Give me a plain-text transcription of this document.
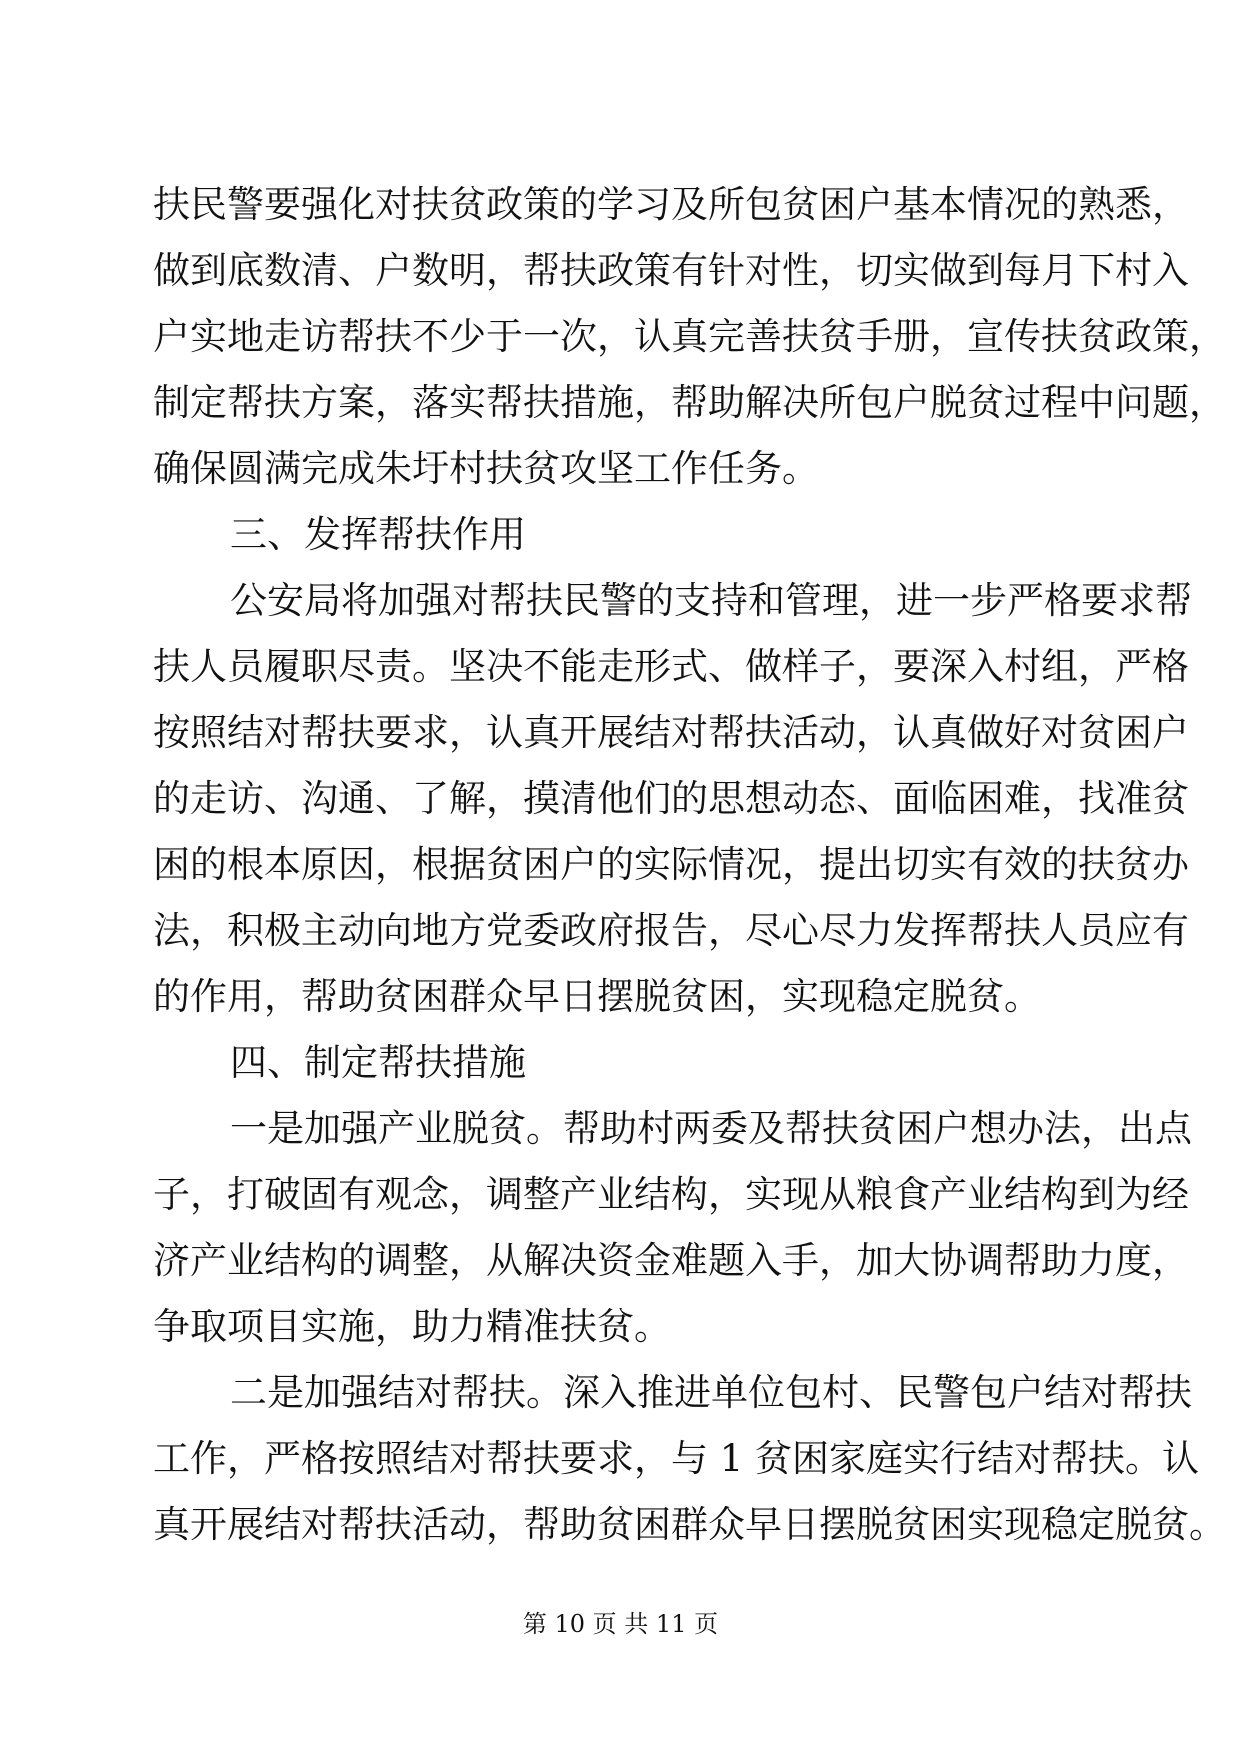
扶民警要强化对扶贫政策的学习及所包贫困户基本情况的熟悉，
做到底数清、户数明，帮扶政策有针对性，切实做到每月下村入
户实地走访帮扶不少于一次，认真完善扶贫手册，宣传扶贫政策，
制定帮扶方案，落实帮扶措施，帮助解决所包户脱贫过程中问题，
确保圆满完成朱圩村扶贫攻坚工作任务。
三、发挥帮扶作用
公安局将加强对帮扶民警的支持和管理，进一步严格要求帮
扶人员履职尽责。坚决不能走形式、做样子，要深入村组，严格
按照结对帮扶要求，认真开展结对帮扶活动，认真做好对贫困户
的走访、沟通、了解，摸清他们的思想动态、面临困难，找准贫
困的根本原因，根据贫困户的实际情况，提出切实有效的扶贫办
法，积极主动向地方党委政府报告，尽心尽力发挥帮扶人员应有
的作用，帮助贫困群众早日摆脱贫困，实现稳定脱贫。
四、制定帮扶措施
一是加强产业脱贫。帮助村两委及帮扶贫困户想办法，出点
子，打破固有观念，调整产业结构，实现从粮食产业结构到为经
济产业结构的调整，从解决资金难题入手，加大协调帮助力度，
争取项目实施，助力精准扶贫。
二是加强结对帮扶。深入推进单位包村、民警包户结对帮扶
工作，严格按照结对帮扶要求，与 1 贫困家庭实行结对帮扶。认
真开展结对帮扶活动，帮助贫困群众早日摆脱贫困实现稳定脱贫。
第 10 页 共 11 页
